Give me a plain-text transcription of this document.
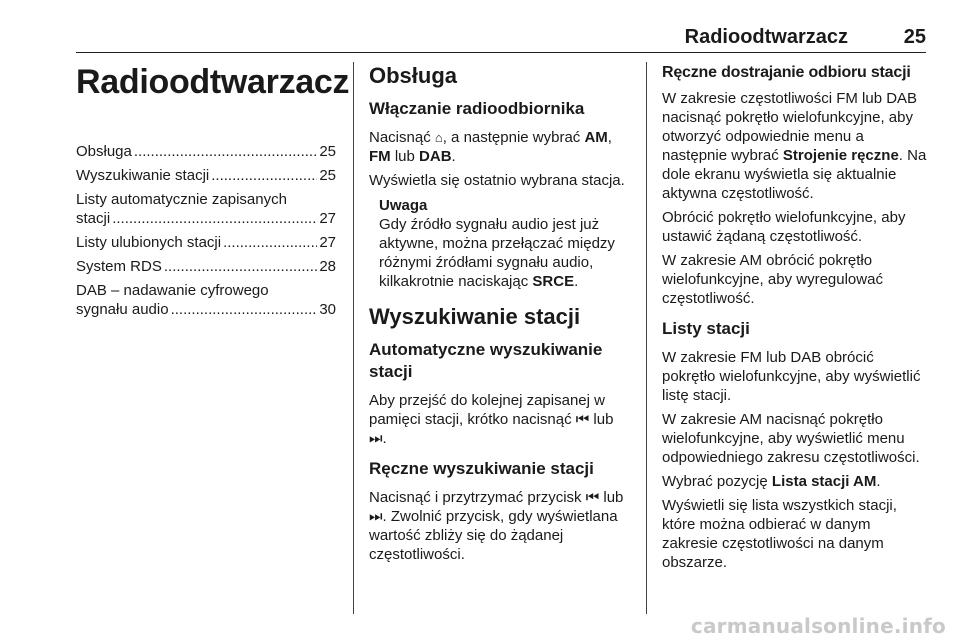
Radioodtwarzacz	25
Radioodtwarzacz
Obsługa .....	25
Wyszukiwanie stacji .....	25
Listy automatycznie zapisanych
stacji .....	27
Listy ulubionych stacji .....	27
System RDS .....	28
DAB – nadawanie cyfrowego
sygnału audio .....	30
Obsługa
Włączanie radioodbiornika

Nacisnąć ⌂, a następnie wybrać AM,
FM lub DAB.

Wyświetla się ostatnio wybrana stacja.

Uwaga
Gdy źródło sygnału audio jest już aktywne, można przełączać między różnymi źródłami sygnału audio, kilkakrotnie naciskając SRCE.
Wyszukiwanie stacji
Automatyczne wyszukiwanie stacji

Aby przejść do kolejnej zapisanej w pamięci stacji, krótko nacisnąć ⏮ lub ⏭.

Ręczne wyszukiwanie stacji

Nacisnąć i przytrzymać przycisk ⏮ lub ⏭. Zwolnić przycisk, gdy wyświetlana wartość zbliży się do żądanej częstotliwości.

Ręczne dostrajanie odbioru stacji

W zakresie częstotliwości FM lub DAB nacisnąć pokrętło wielofunkcyjne, aby otworzyć odpowiednie menu a następnie wybrać Strojenie ręczne. Na dole ekranu wyświetla się aktualnie aktywna częstotliwość.

Obrócić pokrętło wielofunkcyjne, aby ustawić żądaną częstotliwość.

W zakresie AM obrócić pokrętło wielofunkcyjne, aby wyregulować częstotliwość.

Listy stacji

W zakresie FM lub DAB obrócić pokrętło wielofunkcyjne, aby wyświetlić listę stacji.

W zakresie AM nacisnąć pokrętło wielofunkcyjne, aby wyświetlić menu odpowiedniego zakresu częstotliwości.

Wybrać pozycję Lista stacji AM.

Wyświetli się lista wszystkich stacji, które można odbierać w danym zakresie częstotliwości na danym obszarze.

carmanualsonline.info
